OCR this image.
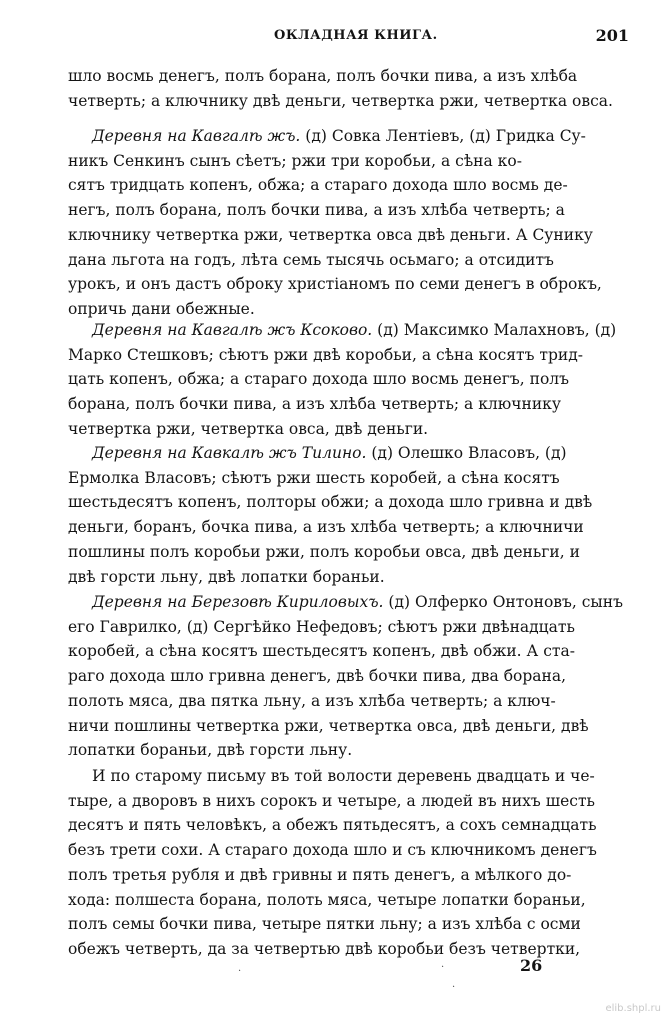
ОКЛАДНАЯ КНИГА.	201
шло восмь денегъ, полъ борана, полъ бочки пива, а изъ хлѣба
четверть; а ключнику двѣ деньги, четвертка ржи, четвертка овса.
Деревня на Кавгалѣ жъ. (д) Совка Лентіевъ, (д) Гридка Су-
никъ Сенкинъ сынъ сѣетъ; ржи три коробьи, а сѣна ко-
сятъ тридцать копенъ, обжа; а стараго дохода шло восмь де-
негъ, полъ борана, полъ бочки пива, а изъ хлѣба четверть; а
ключнику четвертка ржи, четвертка овса двѣ деньги. А Сунику
дана льгота на годъ, лѣта семь тысячь осьмаго; а отсидитъ
урокъ, и онъ дастъ оброку христіаномъ по семи денегъ в оброкъ,
опричь дани обежные.
Деревня на Кавгалѣ жъ Ксоково. (д) Максимко Малахновъ, (д)
Марко Стешковъ; сѣютъ ржи двѣ коробьи, а сѣна косятъ трид-
цать копенъ, обжа; а стараго дохода шло восмь денегъ, полъ
борана, полъ бочки пива, а изъ хлѣба четверть; а ключнику
четвертка ржи, четвертка овса, двѣ деньги.
Деревня на Кавкалѣ жъ Тилино. (д) Олешко Власовъ, (д)
Ермолка Власовъ; сѣютъ ржи шесть коробей, а сѣна косятъ
шестьдесятъ копенъ, полторы обжи; а дохода шло гривна и двѣ
деньги, боранъ, бочка пива, а изъ хлѣба четверть; а ключничи
пошлины полъ коробьи ржи, полъ коробьи овса, двѣ деньги, и
двѣ горсти льну, двѣ лопатки бораньи.
Деревня на Березовѣ Кириловыхъ. (д) Олферко Онтоновъ, сынъ
его Гаврилко, (д) Сергѣйко Нефедовъ; сѣютъ ржи двѣнадцать
коробей, а сѣна косятъ шестьдесятъ копенъ, двѣ обжи. А ста-
раго дохода шло гривна денегъ, двѣ бочки пива, два борана,
полоть мяса, два пятка льну, а изъ хлѣба четверть; а ключ-
ничи пошлины четвертка ржи, четвертка овса, двѣ деньги, двѣ
лопатки бораньи, двѣ горсти льну.
И по старому письму въ той волости деревень двадцать и че-
тыре, а дворовъ в нихъ сорокъ и четыре, а людей въ нихъ шесть
десятъ и пять человѣкъ, а обежъ пятьдесятъ, а сохъ семнадцать
безъ трети сохи. А стараго дохода шло и съ ключникомъ денегъ
полъ третья рубля и двѣ гривны и пять денегъ, а мѣлкого до-
хода: полшеста борана, полоть мяса, четыре лопатки бораньи,
полъ семы бочки пива, четыре пятки льну; а изъ хлѣба с осми
обежъ четверть, да за четвертью двѣ коробьи безъ четвертки,
26
elib.shpl.ru
·	·
·
